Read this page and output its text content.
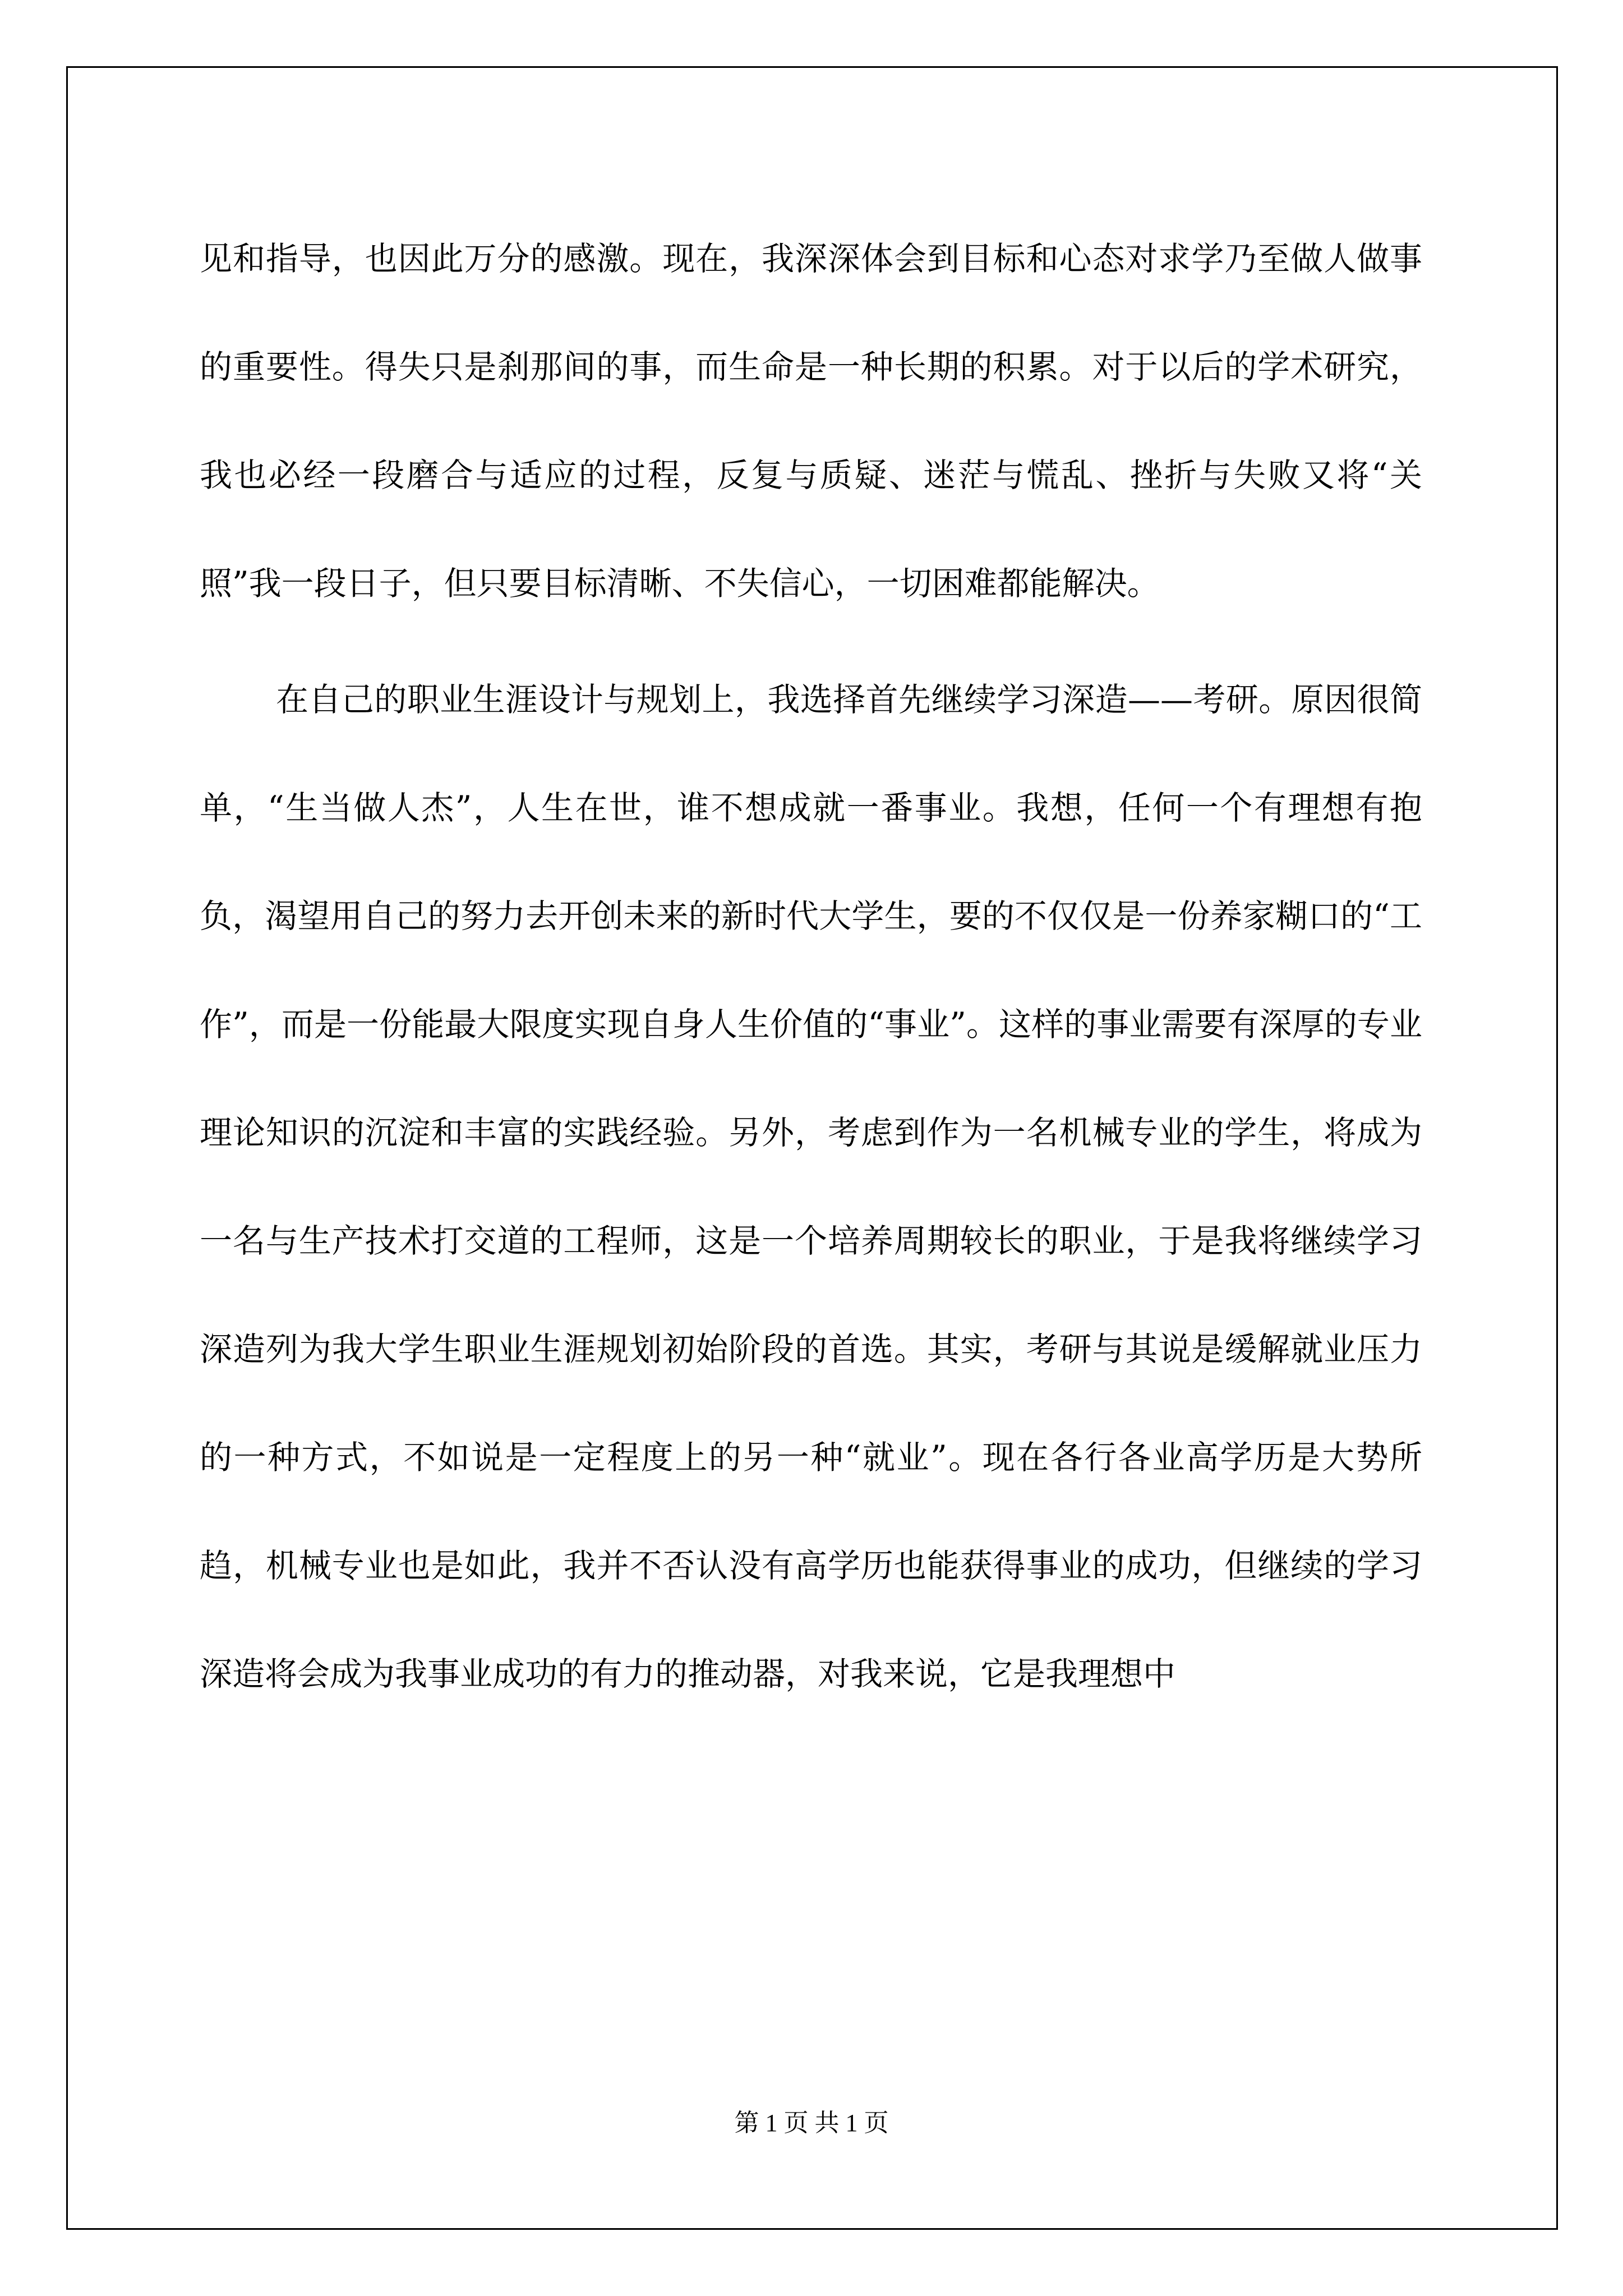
见和指导，也因此万分的感激。现在，我深深体会到目标和心态对求学乃至做人做事的重要性。得失只是刹那间的事，而生命是一种长期的积累。对于以后的学术研究，我也必经一段磨合与适应的过程，反复与质疑、迷茫与慌乱、挫折与失败又将“关照”我一段日子，但只要目标清晰、不失信心，一切困难都能解决。

在自己的职业生涯设计与规划上，我选择首先继续学习深造——考研。原因很简单，“生当做人杰”，人生在世，谁不想成就一番事业。我想，任何一个有理想有抱负，渴望用自己的努力去开创未来的新时代大学生，要的不仅仅是一份养家糊口的“工作”，而是一份能最大限度实现自身人生价值的“事业”。这样的事业需要有深厚的专业理论知识的沉淀和丰富的实践经验。另外，考虑到作为一名机械专业的学生，将成为一名与生产技术打交道的工程师，这是一个培养周期较长的职业，于是我将继续学习深造列为我大学生职业生涯规划初始阶段的首选。其实，考研与其说是缓解就业压力的一种方式，不如说是一定程度上的另一种“就业”。现在各行各业高学历是大势所趋，机械专业也是如此，我并不否认没有高学历也能获得事业的成功，但继续的学习深造将会成为我事业成功的有力的推动器，对我来说，它是我理想中

第 1 页 共 1 页
